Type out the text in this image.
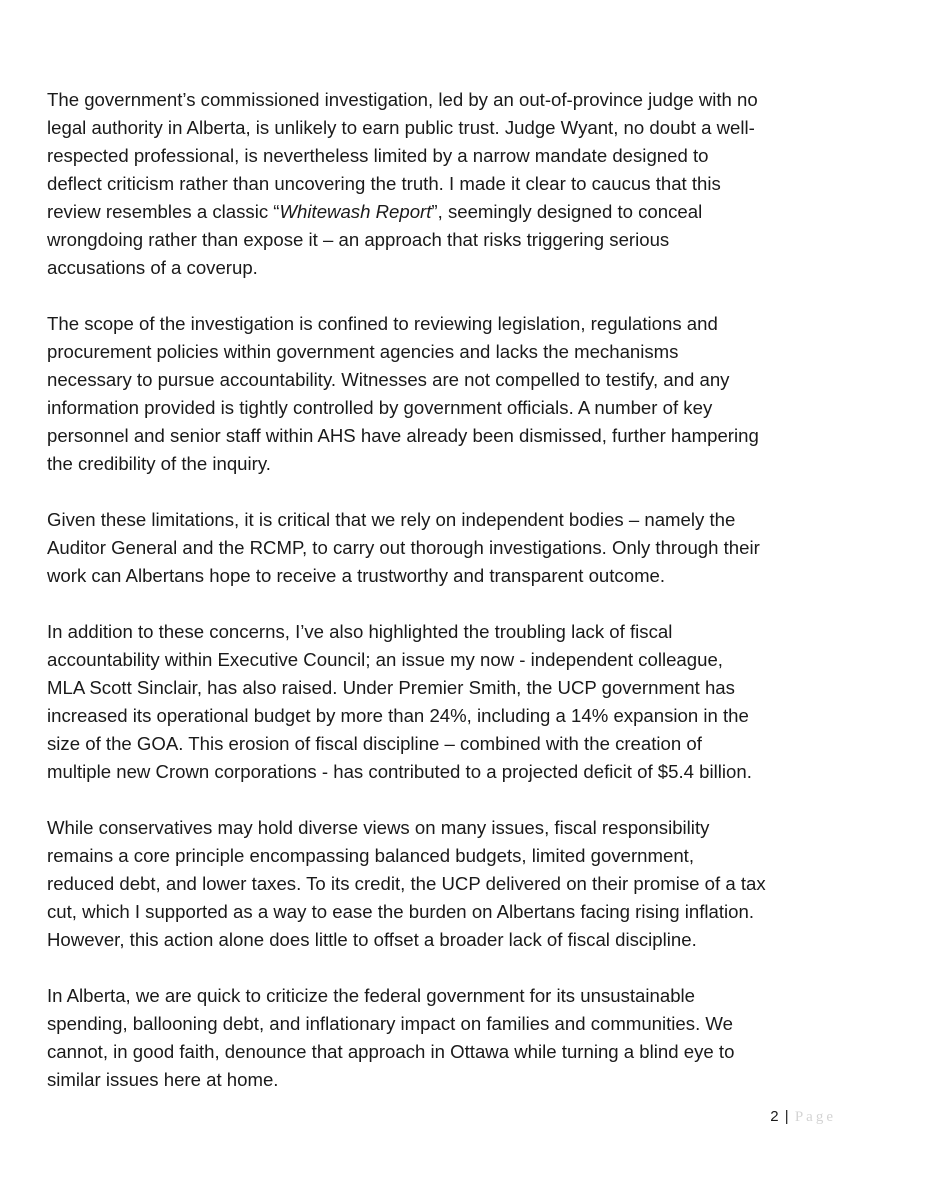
The government’s commissioned investigation, led by an out-of-province judge with no
legal authority in Alberta, is unlikely to earn public trust. Judge Wyant, no doubt a well-
respected professional, is nevertheless limited by a narrow mandate designed to
deflect criticism rather than uncovering the truth. I made it clear to caucus that this
review resembles a classic “Whitewash Report”, seemingly designed to conceal
wrongdoing rather than expose it – an approach that risks triggering serious
accusations of a coverup.

The scope of the investigation is confined to reviewing legislation, regulations and
procurement policies within government agencies and lacks the mechanisms
necessary to pursue accountability. Witnesses are not compelled to testify, and any
information provided is tightly controlled by government officials. A number of key
personnel and senior staff within AHS have already been dismissed, further hampering
the credibility of the inquiry.

Given these limitations, it is critical that we rely on independent bodies – namely the
Auditor General and the RCMP, to carry out thorough investigations. Only through their
work can Albertans hope to receive a trustworthy and transparent outcome.

In addition to these concerns, I’ve also highlighted the troubling lack of fiscal
accountability within Executive Council; an issue my now - independent colleague,
MLA Scott Sinclair, has also raised. Under Premier Smith, the UCP government has
increased its operational budget by more than 24%, including a 14% expansion in the
size of the GOA. This erosion of fiscal discipline – combined with the creation of
multiple new Crown corporations - has contributed to a projected deficit of $5.4 billion.

While conservatives may hold diverse views on many issues, fiscal responsibility
remains a core principle encompassing balanced budgets, limited government,
reduced debt, and lower taxes. To its credit, the UCP delivered on their promise of a tax
cut, which I supported as a way to ease the burden on Albertans facing rising inflation.
However, this action alone does little to offset a broader lack of fiscal discipline.

In Alberta, we are quick to criticize the federal government for its unsustainable
spending, ballooning debt, and inflationary impact on families and communities. We
cannot, in good faith, denounce that approach in Ottawa while turning a blind eye to
similar issues here at home.

2 | Page
